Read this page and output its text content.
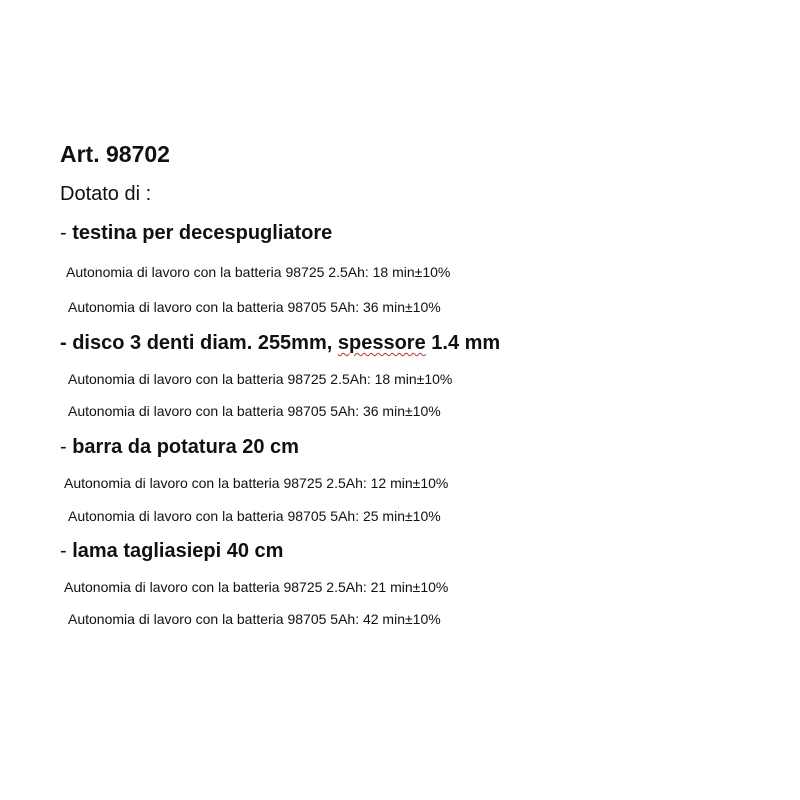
Art. 98702
Dotato di :
- testina per decespugliatore
Autonomia di lavoro con la batteria 98725 2.5Ah: 18 min±10%
Autonomia di lavoro con la batteria 98705 5Ah: 36 min±10%
- disco 3 denti diam. 255mm, spessore 1.4 mm
Autonomia di lavoro con la batteria 98725 2.5Ah: 18 min±10%
Autonomia di lavoro con la batteria 98705 5Ah: 36 min±10%
- barra da potatura 20 cm
Autonomia di lavoro con la batteria 98725 2.5Ah: 12 min±10%
Autonomia di lavoro con la batteria 98705 5Ah: 25 min±10%
- lama tagliasiepi 40 cm
Autonomia di lavoro con la batteria 98725 2.5Ah: 21 min±10%
Autonomia di lavoro con la batteria 98705 5Ah: 42 min±10%
